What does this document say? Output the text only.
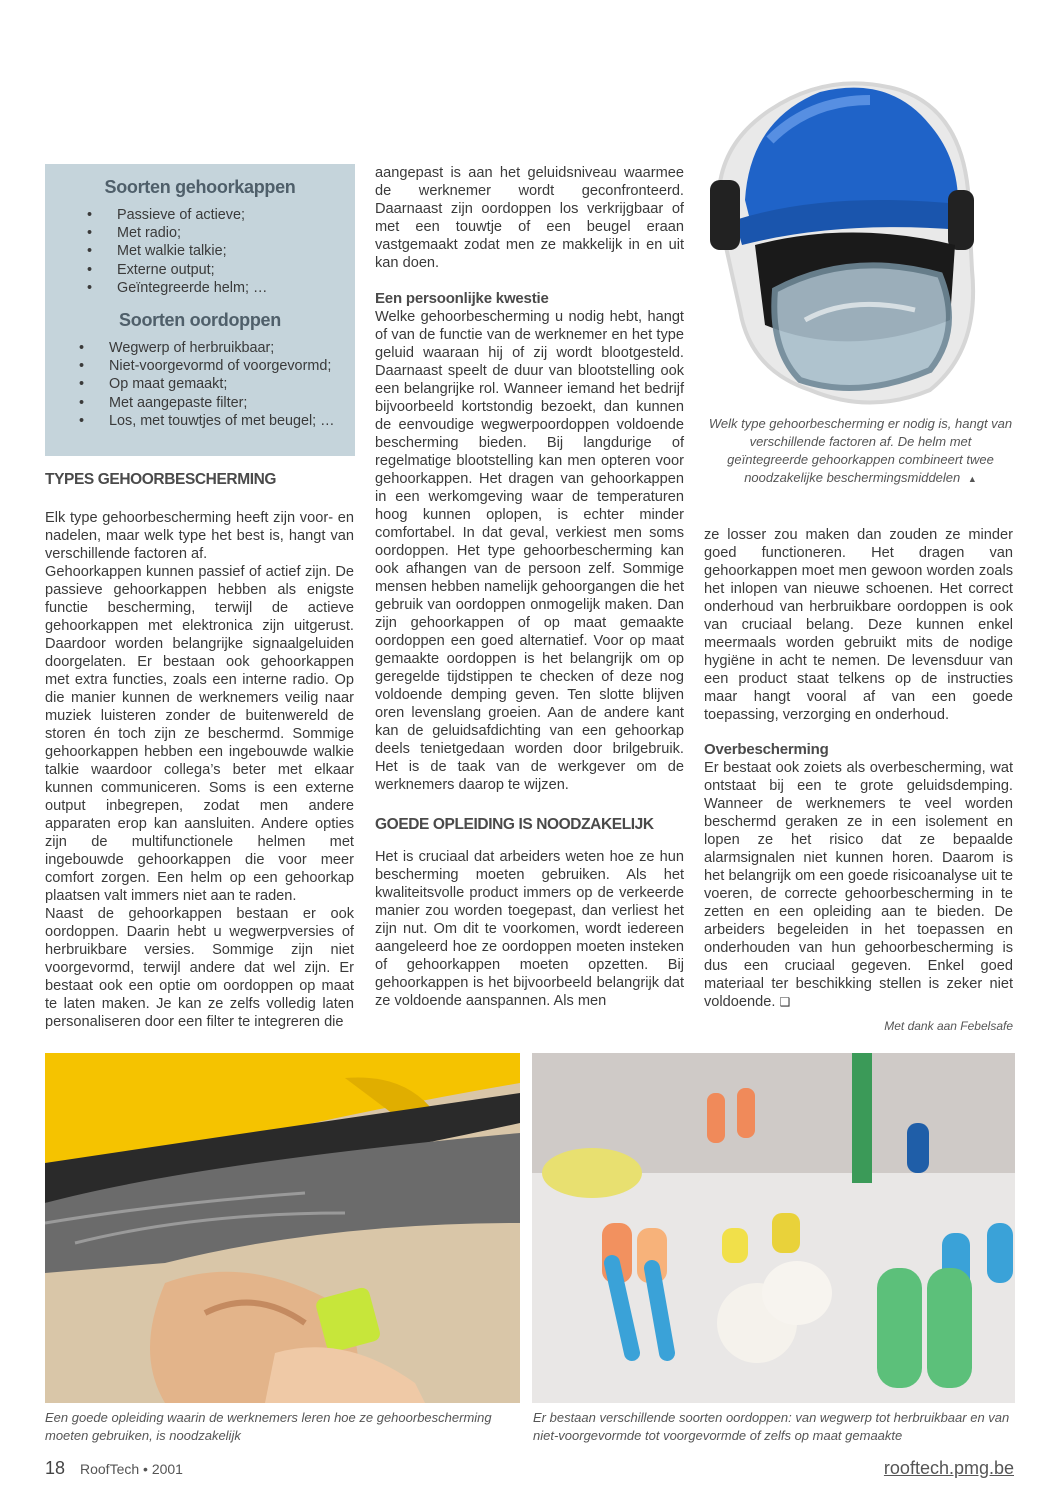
Soorten gehoorkappen
• Passieve of actieve;
• Met radio;
• Met walkie talkie;
• Externe output;
• Geïntegreerde helm; …
Soorten oordoppen
• Wegwerp of herbruikbaar;
• Niet-voorgevormd of voorgevormd;
• Op maat gemaakt;
• Met aangepaste filter;
• Los, met touwtjes of met beugel; …
TYPES GEHOORBESCHERMING

Elk type gehoorbescherming heeft zijn voor- en nadelen, maar welk type het best is, hangt van verschillende factoren af.

Gehoorkappen kunnen passief of actief zijn. De passieve gehoorkappen hebben als enigste functie bescherming, terwijl de actieve gehoorkappen met elektronica zijn uitgerust. Daardoor worden belangrijke signaalgeluiden doorgelaten. Er bestaan ook gehoorkappen met extra functies, zoals een interne radio. Op die manier kunnen de werknemers veilig naar muziek luisteren zonder de buitenwereld de storen én toch zijn ze beschermd. Sommige gehoorkappen hebben een ingebouwde walkie talkie waardoor collega’s beter met elkaar kunnen communiceren. Soms is een externe output inbegrepen, zodat men andere apparaten erop kan aansluiten. Andere opties zijn de multifunctionele helmen met ingebouwde gehoorkappen die voor meer comfort zorgen. Een helm op een gehoorkap plaatsen valt immers niet aan te raden.

Naast de gehoorkappen bestaan er ook oordoppen. Daarin hebt u wegwerpversies of herbruikbare versies. Sommige zijn niet voorgevormd, terwijl andere dat wel zijn. Er bestaat ook een optie om oordoppen op maat te laten maken. Je kan ze zelfs volledig laten personaliseren door een filter te integreren die

aangepast is aan het geluidsniveau waarmee de werknemer wordt geconfronteerd. Daarnaast zijn oordoppen los verkrijgbaar of met een touwtje of een beugel eraan vastgemaakt zodat men ze makkelijk in en uit kan doen.

Een persoonlijke kwestie

Welke gehoorbescherming u nodig hebt, hangt of van de functie van de werknemer en het type geluid waaraan hij of zij wordt blootgesteld. Daarnaast speelt de duur van blootstelling ook een belangrijke rol. Wanneer iemand het bedrijf bijvoorbeeld kortstondig bezoekt, dan kunnen de eenvoudige wegwerpoordoppen voldoende bescherming bieden. Bij langdurige of regelmatige blootstelling kan men opteren voor gehoorkappen. Het dragen van gehoorkappen in een werkomgeving waar de temperaturen hoog kunnen oplopen, is echter minder comfortabel. In dat geval, verkiest men soms oordoppen. Het type gehoorbescherming kan ook afhangen van de persoon zelf. Sommige mensen hebben namelijk gehoorgangen die het gebruik van oordoppen onmogelijk maken. Dan zijn gehoorkappen of op maat gemaakte oordoppen een goed alternatief. Voor op maat gemaakte oordoppen is het belangrijk om op geregelde tijdstippen te checken of deze nog voldoende demping geven. Ten slotte blijven oren levenslang groeien. Aan de andere kant kan de geluidsafdichting van een gehoorkap deels tenietgedaan worden door brilgebruik. Het is de taak van de werkgever om de werknemers daarop te wijzen.

GOEDE OPLEIDING IS NOODZAKELIJK

Het is cruciaal dat arbeiders weten hoe ze hun bescherming moeten gebruiken. Als het kwaliteitsvolle product immers op de verkeerde manier zou worden toegepast, dan verliest het zijn nut. Om dit te voorkomen, wordt iedereen aangeleerd hoe ze oordoppen moeten insteken of gehoorkappen moeten opzetten. Bij gehoorkappen is het bijvoorbeeld belangrijk dat ze voldoende aanspannen. Als men

Welk type gehoorbescherming er nodig is, hangt van verschillende factoren af. De helm met geïntegreerde gehoorkappen combineert twee noodzakelijke beschermingsmiddelen ▲

ze losser zou maken dan zouden ze minder goed functioneren. Het dragen van gehoorkappen moet men gewoon worden zoals het inlopen van nieuwe schoenen. Het correct onderhoud van herbruikbare oordoppen is ook van cruciaal belang. Deze kunnen enkel meermaals worden gebruikt mits de nodige hygiëne in acht te nemen. De levensduur van een product staat telkens op de instructies maar hangt vooral af van een goede toepassing, verzorging en onderhoud.

Overbescherming

Er bestaat ook zoiets als overbescherming, wat ontstaat bij een te grote geluidsdemping. Wanneer de werknemers te veel worden beschermd geraken ze in een isolement en lopen ze het risico dat ze bepaalde alarmsignalen niet kunnen horen. Daarom is het belangrijk om een goede risicoanalyse uit te voeren, de correcte gehoorbescherming in te zetten en een opleiding aan te bieden. De arbeiders begeleiden in het toepassen en onderhouden van hun gehoorbescherming is dus een cruciaal gegeven. Enkel goed materiaal ter beschikking stellen is zeker niet voldoende. ❑

Met dank aan Febelsafe
Een goede opleiding waarin de werknemers leren hoe ze gehoorbescherming moeten gebruiken, is noodzakelijk
Er bestaan verschillende soorten oordoppen: van wegwerp tot herbruikbaar en van niet-voorgevormde tot voorgevormde of zelfs op maat gemaakte
18 RoofTech • 2001	rooftech.pmg.be
